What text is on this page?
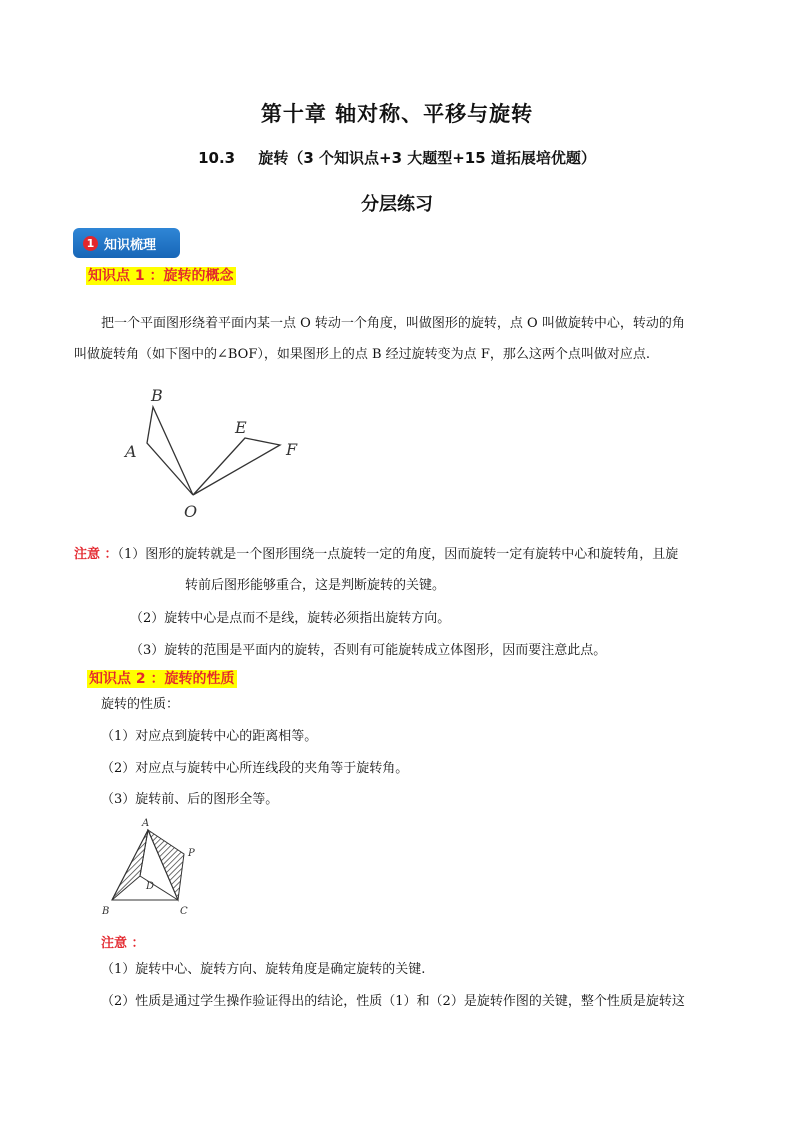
第十章 轴对称、平移与旋转
10.3 旋转（3 个知识点+3 大题型+15 道拓展培优题）
分层练习
1 知识梳理
知识点 1 ：旋转的概念
把一个平面图形绕着平面内某一点 O 转动一个角度，叫做图形的旋转，点 O 叫做旋转中心，转动的角
叫做旋转角（如下图中的∠BOF），如果图形上的点 B 经过旋转变为点 F，那么这两个点叫做对应点.
B
A
E
F
O
注意 ：（1）图形的旋转就是一个图形围绕一点旋转一定的角度，因而旋转一定有旋转中心和旋转角，且旋
转前后图形能够重合，这是判断旋转的关键。
（2）旋转中心是点而不是线，旋转必须指出旋转方向。
（3）旋转的范围是平面内的旋转，否则有可能旋转成立体图形，因而要注意此点。
知识点 2 ：旋转的性质
旋转的性质：
（1）对应点到旋转中心的距离相等。
（2）对应点与旋转中心所连线段的夹角等于旋转角。
（3）旋转前、后的图形全等。
A
B	C
D
P
注意 ：
（1）旋转中心、旋转方向、旋转角度是确定旋转的关键.
（2）性质是通过学生操作验证得出的结论，性质（1）和（2）是旋转作图的关键，整个性质是旋转这
